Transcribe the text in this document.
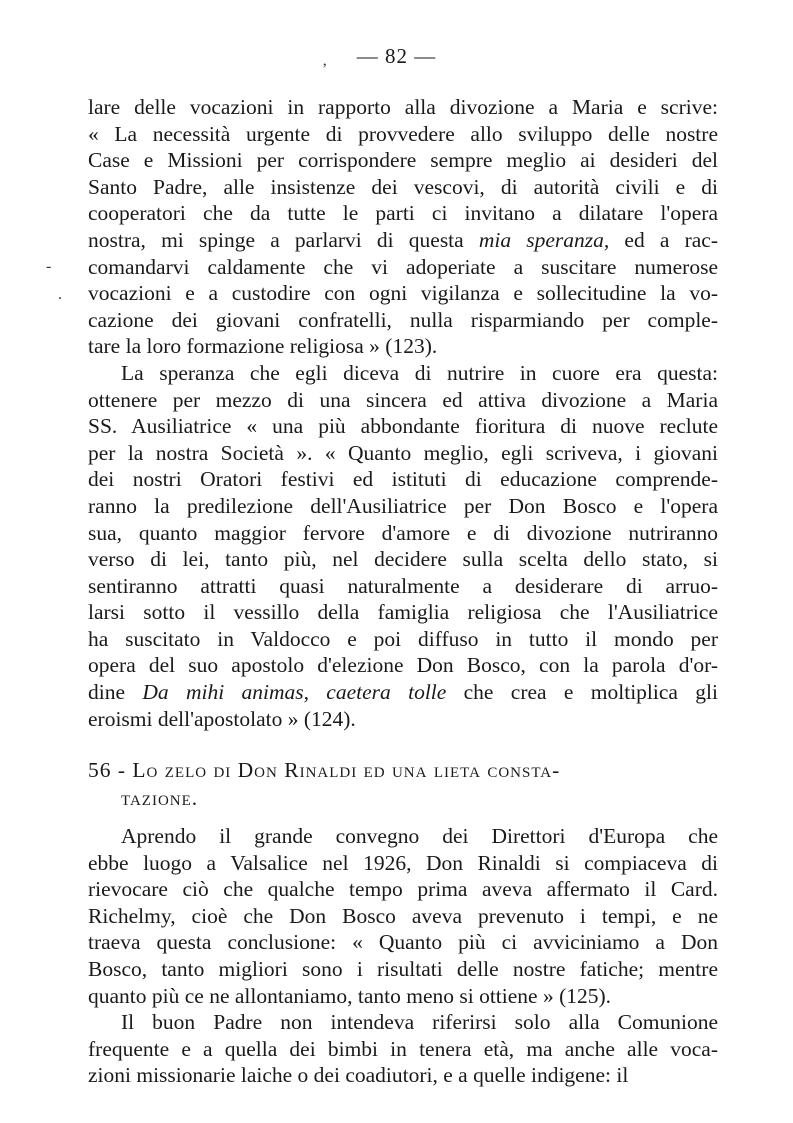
— 82 —
‚
-
.
lare delle vocazioni in rapporto alla divozione a Maria e scrive:
« La necessità urgente di provvedere allo sviluppo delle nostre
Case e Missioni per corrispondere sempre meglio ai desideri del
Santo Padre, alle insistenze dei vescovi, di autorità civili e di
cooperatori che da tutte le parti ci invitano a dilatare l'opera
nostra, mi spinge a parlarvi di questa mia speranza, ed a rac-
comandarvi caldamente che vi adoperiate a suscitare numerose
vocazioni e a custodire con ogni vigilanza e sollecitudine la vo-
cazione dei giovani confratelli, nulla risparmiando per comple-
tare la loro formazione religiosa » (123).
La speranza che egli diceva di nutrire in cuore era questa:
ottenere per mezzo di una sincera ed attiva divozione a Maria
SS. Ausiliatrice « una più abbondante fioritura di nuove reclute
per la nostra Società ». « Quanto meglio, egli scriveva, i giovani
dei nostri Oratori festivi ed istituti di educazione comprende-
ranno la predilezione dell'Ausiliatrice per Don Bosco e l'opera
sua, quanto maggior fervore d'amore e di divozione nutriranno
verso di lei, tanto più, nel decidere sulla scelta dello stato, si
sentiranno attratti quasi naturalmente a desiderare di arruo-
larsi sotto il vessillo della famiglia religiosa che l'Ausiliatrice
ha suscitato in Valdocco e poi diffuso in tutto il mondo per
opera del suo apostolo d'elezione Don Bosco, con la parola d'or-
dine Da mihi animas, caetera tolle che crea e moltiplica gli
eroismi dell'apostolato » (124).
56 - Lo zelo di Don Rinaldi ed una lieta consta-
tazione.
Aprendo il grande convegno dei Direttori d'Europa che
ebbe luogo a Valsalice nel 1926, Don Rinaldi si compiaceva di
rievocare ciò che qualche tempo prima aveva affermato il Card.
Richelmy, cioè che Don Bosco aveva prevenuto i tempi, e ne
traeva questa conclusione: « Quanto più ci avviciniamo a Don
Bosco, tanto migliori sono i risultati delle nostre fatiche; mentre
quanto più ce ne allontaniamo, tanto meno si ottiene » (125).
Il buon Padre non intendeva riferirsi solo alla Comunione
frequente e a quella dei bimbi in tenera età, ma anche alle voca-
zioni missionarie laiche o dei coadiutori, e a quelle indigene: il
